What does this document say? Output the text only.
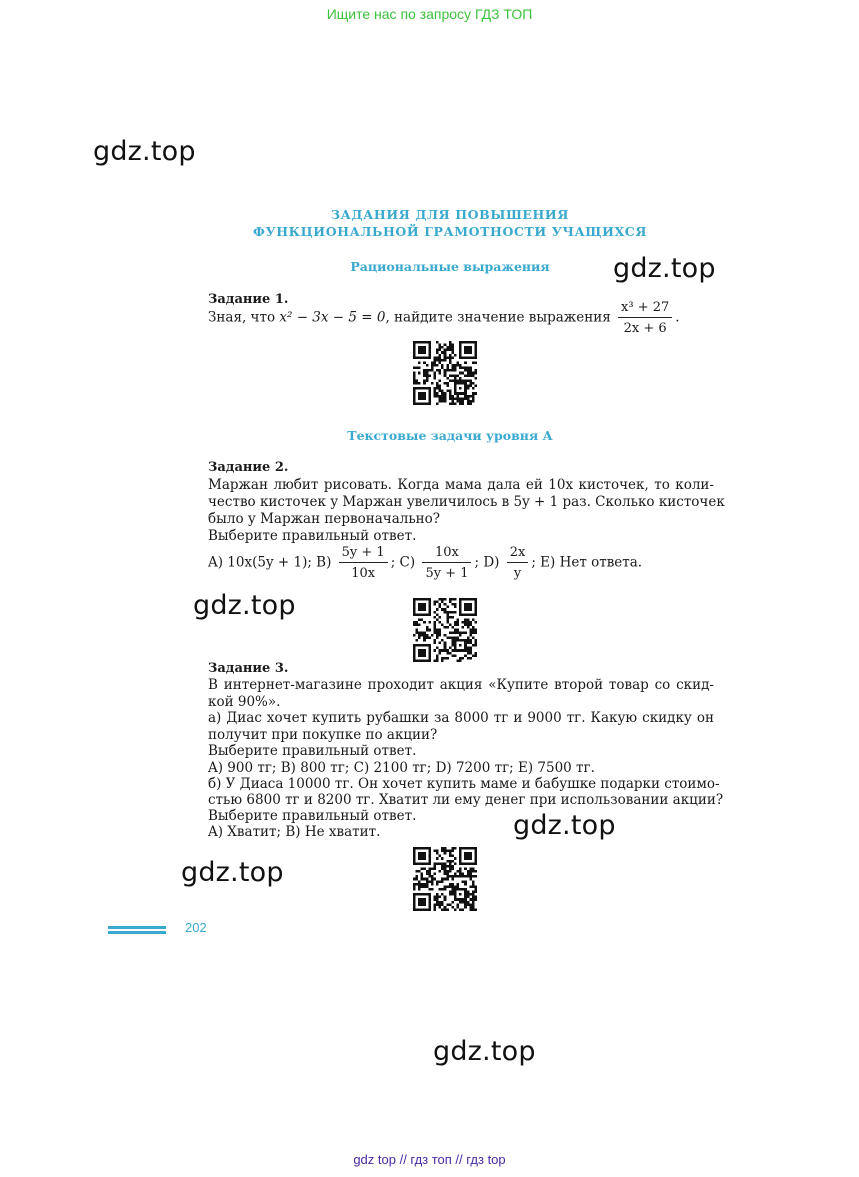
Ищите нас по запросу ГДЗ ТОП
gdz.top
gdz.top
gdz.top
gdz.top
gdz.top
gdz.top
ЗАДАНИЯ ДЛЯ ПОВЫШЕНИЯ
ФУНКЦИОНАЛЬНОЙ ГРАМОТНОСТИ УЧАЩИХСЯ
Рациональные выражения
Задание 1.
Зная, что x² − 3x − 5 = 0, найдите значение выражения $\frac{\text{x³ + 27}}{2x + 6}$ .
Текстовые задачи уровня А
Задание 2.
Маржан любит рисовать. Когда мама дала ей 10x кисточек, то коли-
чество кисточек у Маржан увеличилось в 5y + 1 раз. Сколько кисточек
было у Маржан первоначально?
Выберите правильный ответ.
A) 10x(5y + 1); $B) \frac{5y + 1}{10x}$ ; $C) \frac{10x}{5y + 1}$ ; $D) \frac{2x}{y}$ ; E) Нет ответа.
Задание 3.
В интернет-магазине проходит акция «Купите второй товар со скид-
кой 90%».
а) Диас хочет купить рубашки за 8000 тг и 9000 тг. Какую скидку он
получит при покупке по акции?
Выберите правильный ответ.
A) 900 тг; B) 800 тг; C) 2100 тг; D) 7200 тг; E) 7500 тг.
б) У Диаса 10000 тг. Он хочет купить маме и бабушке подарки стоимо-
стью 6800 тг и 8200 тг. Хватит ли ему денег при использовании акции?
Выберите правильный ответ.
A) Хватит; B) Не хватит.
202
gdz top // гдз топ // гдз top
